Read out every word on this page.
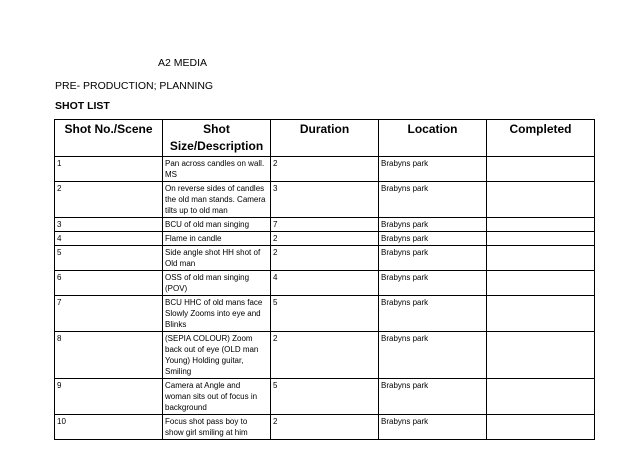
A2 MEDIA
PRE- PRODUCTION; PLANNING
SHOT LIST
Shot No./Scene	Shot Size/Description	Duration	Location	Completed
1	Pan across candles on wall. MS	2	Brabyns park	
2	On reverse sides of candles the old man stands. Camera tilts up to old man	3	Brabyns park	
3	BCU of old man singing	7	Brabyns park	
4	Flame in candle	2	Brabyns park	
5	Side angle shot HH shot of Old man	2	Brabyns park	
6	OSS of old man singing (POV)	4	Brabyns park	
7	BCU HHC of old mans face Slowly Zooms into eye and Blinks	5	Brabyns park	
8	(SEPIA COLOUR) Zoom back out of eye (OLD man Young) Holding guitar, Smiling	2	Brabyns park	
9	Camera at Angle and woman sits out of focus in background	5	Brabyns park	
10	Focus shot pass boy to show girl smiling at him	2	Brabyns park	
